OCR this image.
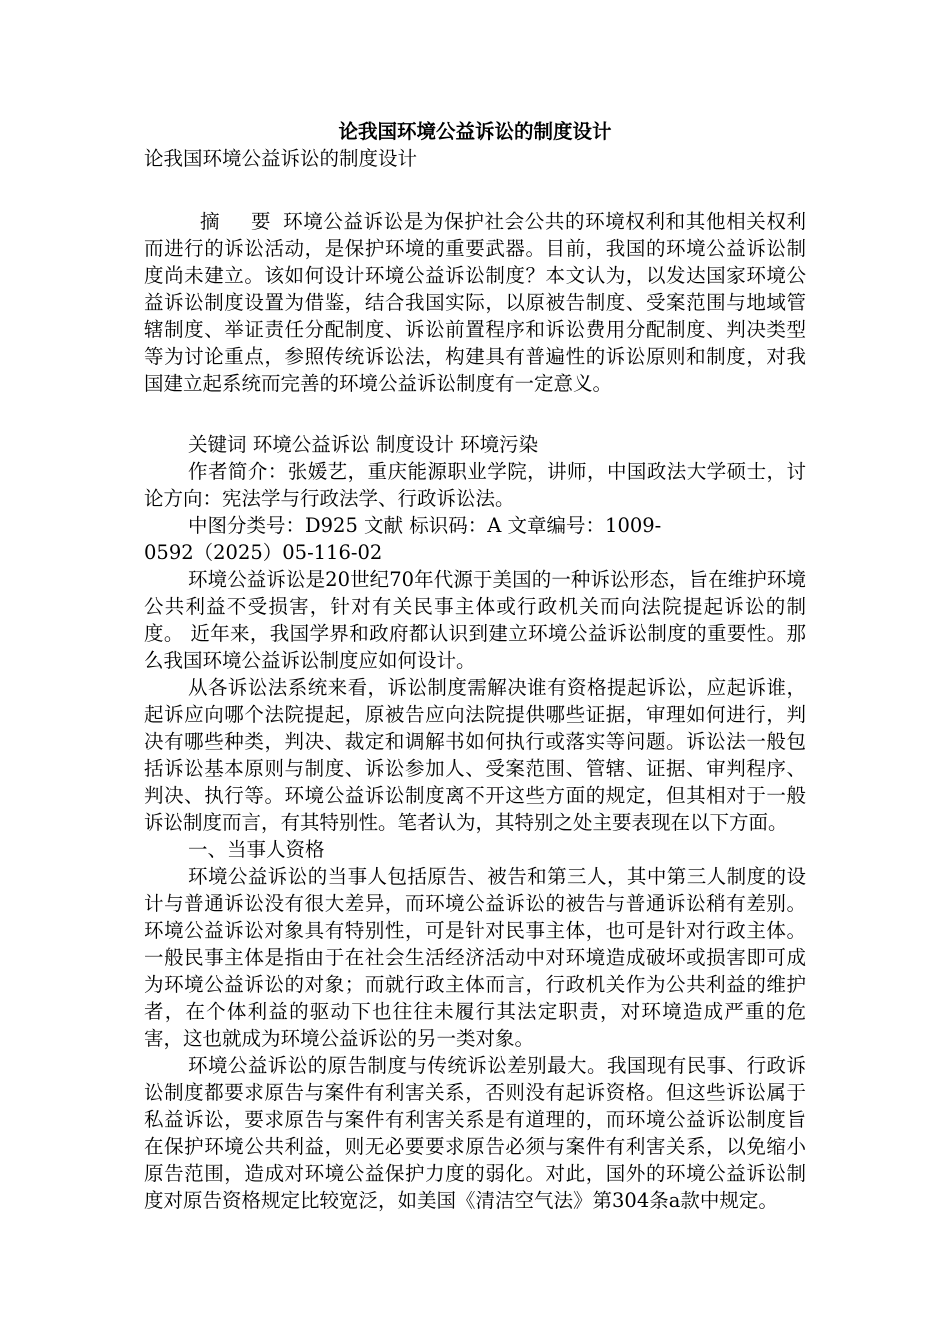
论我国环境公益诉讼的制度设计

论我国环境公益诉讼的制度设计

摘 要环境公益诉讼是为保护社会公共的环境权利和其他相关权利而进行的诉讼活动，是保护环境的重要武器。目前，我国的环境公益诉讼制度尚未建立。该如何设计环境公益诉讼制度？本文认为，以发达国家环境公益诉讼制度设置为借鉴，结合我国实际，以原被告制度、受案范围与地域管辖制度、举证责任分配制度、诉讼前置程序和诉讼费用分配制度、判决类型等为讨论重点，参照传统诉讼法，构建具有普遍性的诉讼原则和制度，对我国建立起系统而完善的环境公益诉讼制度有一定意义。

关键词 环境公益诉讼 制度设计 环境污染

作者简介：张媛艺，重庆能源职业学院，讲师，中国政法大学硕士，讨论方向：宪法学与行政法学、行政诉讼法。

中图分类号：D925 文献 标识码：A 文章编号：1009-
0592（2025）05-116-02

环境公益诉讼是20世纪70年代源于美国的一种诉讼形态，旨在维护环境公共利益不受损害，针对有关民事主体或行政机关而向法院提起诉讼的制度。 近年来，我国学界和政府都认识到建立环境公益诉讼制度的重要性。那么我国环境公益诉讼制度应如何设计。

从各诉讼法系统来看，诉讼制度需解决谁有资格提起诉讼，应起诉谁，起诉应向哪个法院提起，原被告应向法院提供哪些证据，审理如何进行，判决有哪些种类，判决、裁定和调解书如何执行或落实等问题。诉讼法一般包括诉讼基本原则与制度、诉讼参加人、受案范围、管辖、证据、审判程序、判决、执行等。环境公益诉讼制度离不开这些方面的规定，但其相对于一般诉讼制度而言，有其特别性。笔者认为，其特别之处主要表现在以下方面。

一、当事人资格

环境公益诉讼的当事人包括原告、被告和第三人，其中第三人制度的设计与普通诉讼没有很大差异，而环境公益诉讼的被告与普通诉讼稍有差别。环境公益诉讼对象具有特别性，可是针对民事主体，也可是针对行政主体。一般民事主体是指由于在社会生活经济活动中对环境造成破坏或损害即可成为环境公益诉讼的对象；而就行政主体而言，行政机关作为公共利益的维护者，在个体利益的驱动下也往往未履行其法定职责，对环境造成严重的危害，这也就成为环境公益诉讼的另一类对象。

环境公益诉讼的原告制度与传统诉讼差别最大。我国现有民事、行政诉讼制度都要求原告与案件有利害关系，否则没有起诉资格。但这些诉讼属于私益诉讼，要求原告与案件有利害关系是有道理的，而环境公益诉讼制度旨在保护环境公共利益，则无必要要求原告必须与案件有利害关系，以免缩小原告范围，造成对环境公益保护力度的弱化。对此，国外的环境公益诉讼制度对原告资格规定比较宽泛，如美国《清洁空气法》第304条a款中规定。
